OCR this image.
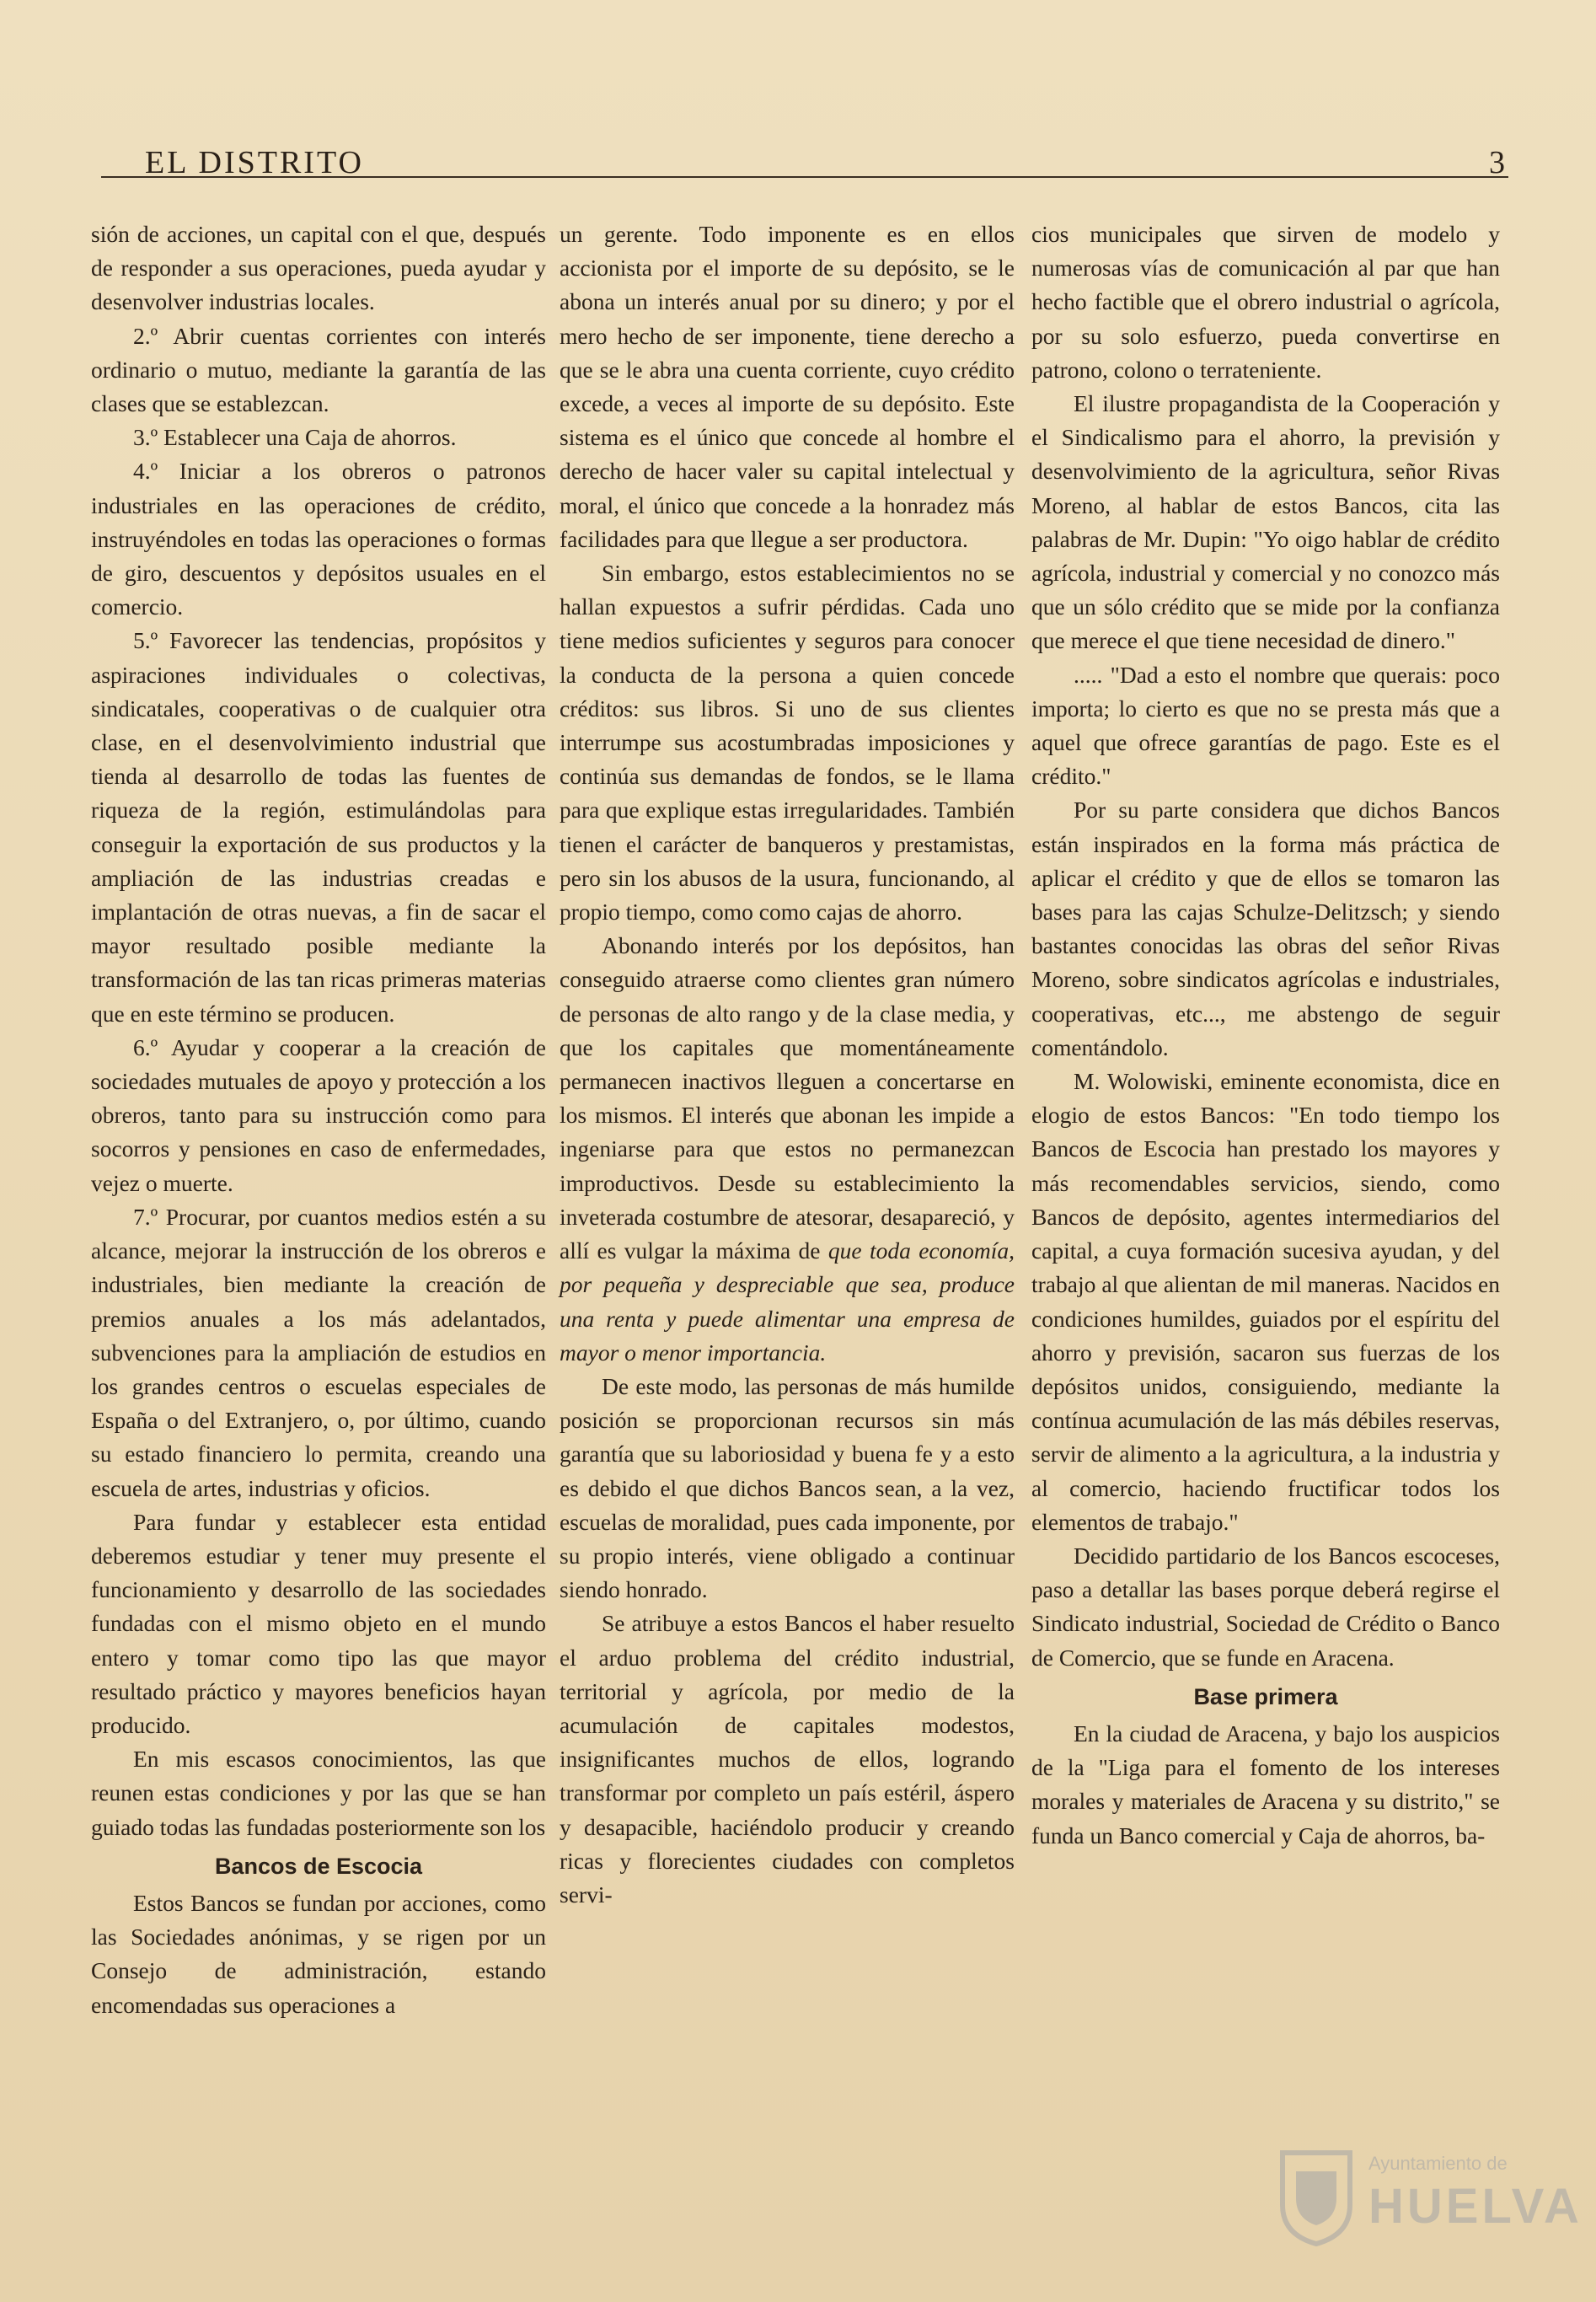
EL DISTRITO	3

sión de acciones, un capital con el que, después de responder a sus operaciones, pueda ayudar y desenvolver industrias locales.

2.º Abrir cuentas corrientes con interés ordinario o mutuo, mediante la garantía de las clases que se establezcan.

3.º Establecer una Caja de ahorros.

4.º Iniciar a los obreros o patronos industriales en las operaciones de crédito, instruyéndoles en todas las operaciones o formas de giro, descuentos y depósitos usuales en el comercio.

5.º Favorecer las tendencias, propósitos y aspiraciones individuales o colectivas, sindicatales, cooperativas o de cualquier otra clase, en el desenvolvimiento industrial que tienda al desarrollo de todas las fuentes de riqueza de la región, estimulándolas para conseguir la exportación de sus productos y la ampliación de las industrias creadas e implantación de otras nuevas, a fin de sacar el mayor resultado posible mediante la transformación de las tan ricas primeras materias que en este término se producen.

6.º Ayudar y cooperar a la creación de sociedades mutuales de apoyo y protección a los obreros, tanto para su instrucción como para socorros y pensiones en caso de enfermedades, vejez o muerte.

7.º Procurar, por cuantos medios estén a su alcance, mejorar la instrucción de los obreros e industriales, bien mediante la creación de premios anuales a los más adelantados, subvenciones para la ampliación de estudios en los grandes centros o escuelas especiales de España o del Extranjero, o, por último, cuando su estado financiero lo permita, creando una escuela de artes, industrias y oficios.

Para fundar y establecer esta entidad deberemos estudiar y tener muy presente el funcionamiento y desarrollo de las sociedades fundadas con el mismo objeto en el mundo entero y tomar como tipo las que mayor resultado práctico y mayores beneficios hayan producido.

En mis escasos conocimientos, las que reunen estas condiciones y por las que se han guiado todas las fundadas posteriormente son los

Bancos de Escocia

Estos Bancos se fundan por acciones, como las Sociedades anónimas, y se rigen por un Consejo de administración, estando encomendadas sus operaciones a

un gerente. Todo imponente es en ellos accionista por el importe de su depósito, se le abona un interés anual por su dinero; y por el mero hecho de ser imponente, tiene derecho a que se le abra una cuenta corriente, cuyo crédito excede, a veces al importe de su depósito. Este sistema es el único que concede al hombre el derecho de hacer valer su capital intelectual y moral, el único que concede a la honradez más facilidades para que llegue a ser productora.

Sin embargo, estos establecimientos no se hallan expuestos a sufrir pérdidas. Cada uno tiene medios suficientes y seguros para conocer la conducta de la persona a quien concede créditos: sus libros. Si uno de sus clientes interrumpe sus acostumbradas imposiciones y continúa sus demandas de fondos, se le llama para que explique estas irregularidades. También tienen el carácter de banqueros y prestamistas, pero sin los abusos de la usura, funcionando, al propio tiempo, como como cajas de ahorro.

Abonando interés por los depósitos, han conseguido atraerse como clientes gran número de personas de alto rango y de la clase media, y que los capitales que momentáneamente permanecen inactivos lleguen a concertarse en los mismos. El interés que abonan les impide a ingeniarse para que estos no permanezcan improductivos. Desde su establecimiento la inveterada costumbre de atesorar, desapareció, y allí es vulgar la máxima de que toda economía, por pequeña y despreciable que sea, produce una renta y puede alimentar una empresa de mayor o menor importancia.

De este modo, las personas de más humilde posición se proporcionan recursos sin más garantía que su laboriosidad y buena fe y a esto es debido el que dichos Bancos sean, a la vez, escuelas de moralidad, pues cada imponente, por su propio interés, viene obligado a continuar siendo honrado.

Se atribuye a estos Bancos el haber resuelto el arduo problema del crédito industrial, territorial y agrícola, por medio de la acumulación de capitales modestos, insignificantes muchos de ellos, logrando transformar por completo un país estéril, áspero y desapacible, haciéndolo producir y creando ricas y florecientes ciudades con completos servi-

cios municipales que sirven de modelo y numerosas vías de comunicación al par que han hecho factible que el obrero industrial o agrícola, por su solo esfuerzo, pueda convertirse en patrono, colono o terrateniente.

El ilustre propagandista de la Cooperación y el Sindicalismo para el ahorro, la previsión y desenvolvimiento de la agricultura, señor Rivas Moreno, al hablar de estos Bancos, cita las palabras de Mr. Dupin: "Yo oigo hablar de crédito agrícola, industrial y comercial y no conozco más que un sólo crédito que se mide por la confianza que merece el que tiene necesidad de dinero."

..... "Dad a esto el nombre que querais: poco importa; lo cierto es que no se presta más que a aquel que ofrece garantías de pago. Este es el crédito."

Por su parte considera que dichos Bancos están inspirados en la forma más práctica de aplicar el crédito y que de ellos se tomaron las bases para las cajas Schulze-Delitzsch; y siendo bastantes conocidas las obras del señor Rivas Moreno, sobre sindicatos agrícolas e industriales, cooperativas, etc..., me abstengo de seguir comentándolo.

M. Wolowiski, eminente economista, dice en elogio de estos Bancos: "En todo tiempo los Bancos de Escocia han prestado los mayores y más recomendables servicios, siendo, como Bancos de depósito, agentes intermediarios del capital, a cuya formación sucesiva ayudan, y del trabajo al que alientan de mil maneras. Nacidos en condiciones humildes, guiados por el espíritu del ahorro y previsión, sacaron sus fuerzas de los depósitos unidos, consiguiendo, mediante la contínua acumulación de las más débiles reservas, servir de alimento a la agricultura, a la industria y al comercio, haciendo fructificar todos los elementos de trabajo."

Decidido partidario de los Bancos escoceses, paso a detallar las bases porque deberá regirse el Sindicato industrial, Sociedad de Crédito o Banco de Comercio, que se funde en Aracena.

Base primera

En la ciudad de Aracena, y bajo los auspicios de la "Liga para el fomento de los intereses morales y materiales de Aracena y su distrito," se funda un Banco comercial y Caja de ahorros, ba-

Ayuntamiento de
HUELVA
